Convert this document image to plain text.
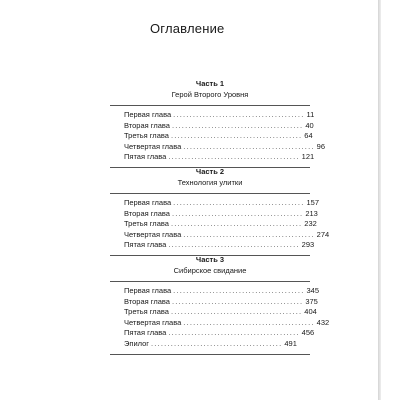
Оглавление
Часть 1
Герой Второго Уровня
Первая глава ........................................ 11
Вторая глава ........................................ 40
Третья глава ........................................ 64
Четвертая глава ........................................ 96
Пятая глава ........................................ 121
Часть 2
Технология улитки
Первая глава ........................................ 157
Вторая глава ........................................ 213
Третья глава ........................................ 232
Четвертая глава ........................................ 274
Пятая глава ........................................ 293
Часть 3
Сибирское свидание
Первая глава ........................................ 345
Вторая глава ........................................ 375
Третья глава ........................................ 404
Четвертая глава ........................................ 432
Пятая глава ........................................ 456
Эпилог ........................................ 491
